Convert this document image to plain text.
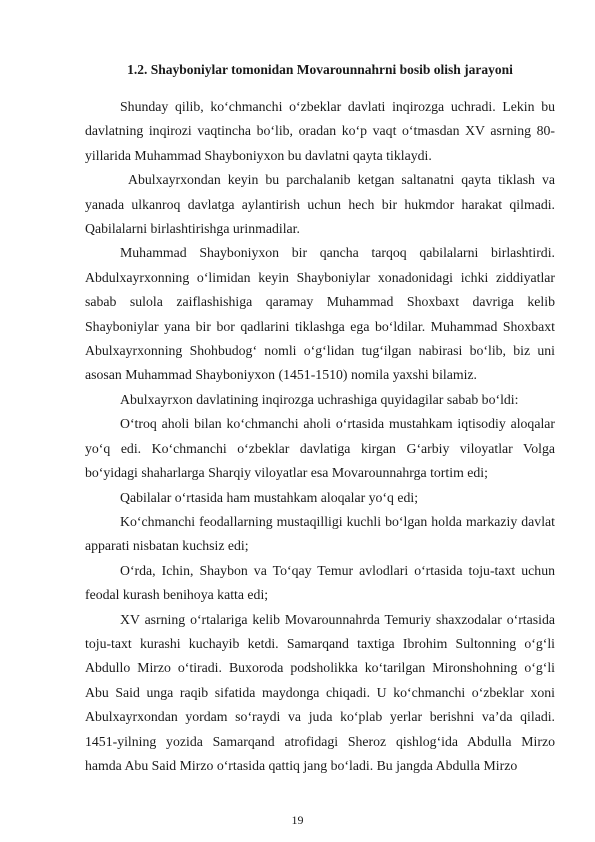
1.2. Shayboniylar tomonidan Movarounnahrni bosib olish jarayoni
Shunday qilib, ko‘chmanchi o‘zbeklar davlati inqirozga uchradi. Lekin bu
davlatning inqirozi vaqtincha bo‘lib, oradan ko‘p vaqt o‘tmasdan XV asrning 80-
yillarida Muhammad Shayboniyxon bu davlatni qayta tiklaydi.
Abulxayrxondan keyin bu parchalanib ketgan saltanatni qayta tiklash va
yanada ulkanroq davlatga aylantirish uchun hech bir hukmdor harakat qilmadi.
Qabilalarni birlashtirishga urinmadilar.
Muhammad Shayboniyxon bir qancha tarqoq qabilalarni birlashtirdi.
Abdulxayrxonning o‘limidan keyin Shayboniylar xonadonidagi ichki ziddiyatlar
sabab sulola zaiflashishiga qaramay Muhammad Shoxbaxt davriga kelib
Shayboniylar yana bir bor qadlarini tiklashga ega bo‘ldilar. Muhammad Shoxbaxt
Abulxayrxonning Shohbudog‘ nomli o‘g‘lidan tug‘ilgan nabirasi bo‘lib, biz uni
asosan Muhammad Shayboniyxon (1451-1510) nomila yaxshi bilamiz.
Abulxayrxon davlatining inqirozga uchrashiga quyidagilar sabab bo‘ldi:
O‘troq aholi bilan ko‘chmanchi aholi o‘rtasida mustahkam iqtisodiy aloqalar
yo‘q edi. Ko‘chmanchi o‘zbeklar davlatiga kirgan G‘arbiy viloyatlar Volga
bo‘yidagi shaharlarga Sharqiy viloyatlar esa Movarounnahrga tortim edi;
Qabilalar o‘rtasida ham mustahkam aloqalar yo‘q edi;
Ko‘chmanchi feodallarning mustaqilligi kuchli bo‘lgan holda markaziy davlat
apparati nisbatan kuchsiz edi;
O‘rda, Ichin, Shaybon va To‘qay Temur avlodlari o‘rtasida toju-taxt uchun
feodal kurash benihoya katta edi;
XV asrning o‘rtalariga kelib Movarounnahrda Temuriy shaxzodalar o‘rtasida
toju-taxt kurashi kuchayib ketdi. Samarqand taxtiga Ibrohim Sultonning o‘g‘li
Abdullo Mirzo o‘tiradi. Buxoroda podsholikka ko‘tarilgan Mironshohning o‘g‘li
Abu Said unga raqib sifatida maydonga chiqadi. U ko‘chmanchi o‘zbeklar xoni
Abulxayrxondan yordam so‘raydi va juda ko‘plab yerlar berishni va’da qiladi.
1451-yilning yozida Samarqand atrofidagi Sheroz qishlog‘ida Abdulla Mirzo
hamda Abu Said Mirzo o‘rtasida qattiq jang bo‘ladi. Bu jangda Abdulla Mirzo
19
